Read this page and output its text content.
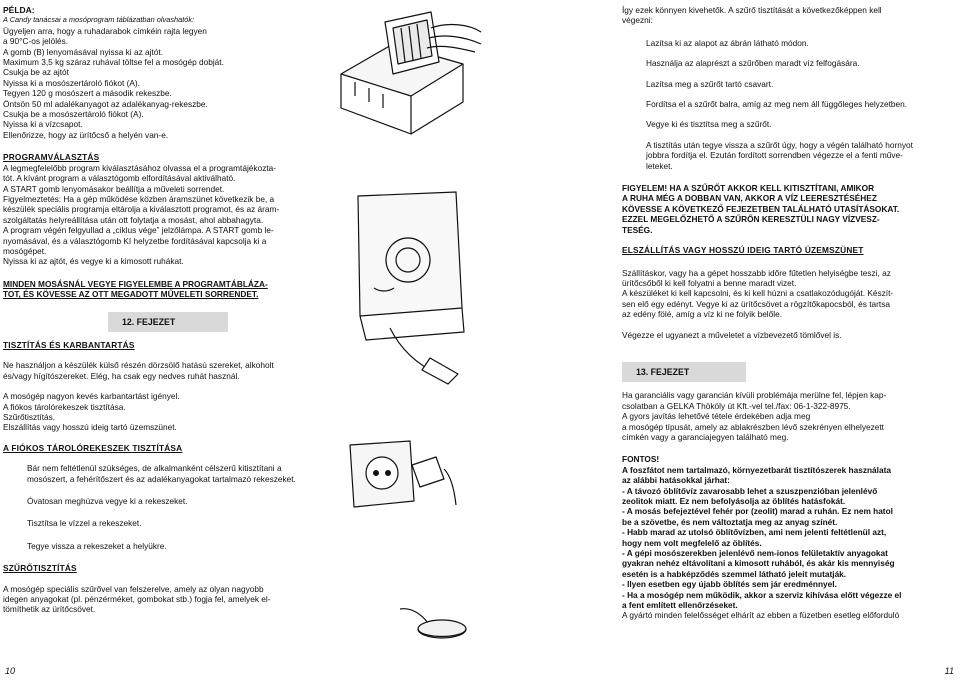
PÉLDA:
A Candy tanácsai a mosóprogram táblázatban olvashatók:
Ügyeljen arra, hogy a ruhadarabok címkéin rajta legyen
a 90°C-os jelölés.
A gomb (B) lenyomásával nyissa ki az ajtót.
Maximum 3,5 kg száraz ruhával töltse fel a mosógép dobját.
Csukja be az ajtót
Nyissa ki a mosószertároló fiókot (A).
Tegyen 120 g mosószert a második rekeszbe.
Öntsön 50 ml adalékanyagot az adalékanyag-rekeszbe.
Csukja be a mosószertároló fiókot (A).
Nyissa ki a vízcsapot.
Ellenőrizze, hogy az ürítőcső a helyén van-e.
PROGRAMVÁLASZTÁS
A legmegfelelőbb program kiválasztásához olvassa el a programtájékozta-
tót. A kívánt program a választógomb elfordításával aktiválható.
A START gomb lenyomásakor beállítja a műveleti sorrendet.
Figyelmeztetés: Ha a gép működése közben áramszünet következik be, a
készülék speciális programja eltárolja a kiválasztott programot, és az áram-
szolgáltatás helyreállítása után ott folytatja a mosást, ahol abbahagyta.
A program végén felgyullad a „ciklus vége” jelzőlámpa. A START gomb le-
nyomásával, és a választógomb KI helyzetbe fordításával kapcsolja ki a
mosógépet.
Nyissa ki az ajtót, és vegye ki a kimosott ruhákat.
MINDEN MOSÁSNÁL VEGYE FIGYELEMBE A PROGRAMTÁBLÁZA-
TOT, ÉS KÖVESSE AZ OTT MEGADOTT MŰVELETI SORRENDET.
12. FEJEZET
TISZTÍTÁS ÉS KARBANTARTÁS
Ne használjon a készülék külső részén dörzsölő hatású szereket, alkoholt
és/vagy hígítószereket. Elég, ha csak egy nedves ruhát használ.
A mosógép nagyon kevés karbantartást igényel.
A fiókos tárolórekeszek tisztítása.
Szűrőtisztítás.
Elszállítás vagy hosszú ideig tartó üzemszünet.
A FIÓKOS TÁROLÓREKESZEK TISZTÍTÁSA
Bár nem feltétlenül szükséges, de alkalmanként célszerű kitisztítani a
mosószert, a fehérítőszert és az adalékanyagokat tartalmazó rekeszeket.
Óvatosan meghúzva vegye ki a rekeszeket.
Tisztítsa le vízzel a rekeszeket.
Tegye vissza a rekeszeket a helyükre.
SZŰRŐTISZTÍTÁS
A mosógép speciális szűrővel van felszerelve, amely az olyan nagyobb
idegen anyagokat (pl. pénzérméket, gombokat stb.) fogja fel, amelyek el-
tömíthetik az ürítőcsövet.
10
Így ezek könnyen kivehetők. A szűrő tisztítását a következőképpen kell
végezni:
Lazítsa ki az alapot az ábrán látható módon.
Használja az alaprészt a szűrőben maradt víz felfogására.
Lazítsa meg a szűrőt tartó csavart.
Fordítsa el a szűrőt balra, amíg az meg nem áll függőleges helyzetben.
Vegye ki és tisztítsa meg a szűrőt.
A tisztítás után tegye vissza a szűrőt úgy, hogy a végén található hornyot
jobbra fordítja el. Ezután fordított sorrendben végezze el a fenti műve-
leteket.
FIGYELEM! HA A SZŰRŐT AKKOR KELL KITISZTÍTANI, AMIKOR
A RUHA MÉG A DOBBAN VAN, AKKOR A VÍZ LEERESZTÉSÉHEZ
KÖVESSE A KÖVETKEZŐ FEJEZETBEN TALÁLHATÓ UTASÍTÁSOKAT.
EZZEL MEGELŐZHETŐ A SZŰRŐN KERESZTÜLI NAGY VÍZVESZ-
TESÉG.
ELSZÁLLÍTÁS VAGY HOSSZÚ IDEIG TARTÓ ÜZEMSZÜNET
Szállításkor, vagy ha a gépet hosszabb időre fűtetlen helyiségbe teszi, az
ürítőcsőből ki kell folyatni a benne maradt vizet.
A készüléket ki kell kapcsolni, és ki kell húzni a csatlakozódugóját. Készít-
sen elő egy edényt. Vegye ki az ürítőcsövet a rögzítőkapocsból, és tartsa
az edény fölé, amíg a víz ki ne folyik belőle.
Végezze el ugyanezt a műveletet a vízbevezető tömlővel is.
13. FEJEZET
Ha garanciális vagy garancián kívüli problémája merülne fel, lépjen kap-
csolatban a GELKA Thököly út Kft.-vel tel./fax: 06-1-322-8975.
A gyors javítás lehetővé tétele érdekében adja meg
a mosógép típusát, amely az ablakrészben lévő szekrényen elhelyezett
címkén vagy a garanciajegyen található meg.
FONTOS!
A foszfátot nem tartalmazó, környezetbarát tisztítószerek használata
az alábbi hatásokkal járhat:
- A távozó öblítővíz zavarosabb lehet a szuszpenzióban jelenlévő
zeolitok miatt. Ez nem befolyásolja az öblítés hatásfokát.
- A mosás befejeztével fehér por (zeolit) marad a ruhán. Ez nem hatol
be a szövetbe, és nem változtatja meg az anyag színét.
- Habb marad az utolsó öblítővízben, ami nem jelenti feltétlenül azt,
hogy nem volt megfelelő az öblítés.
- A gépi mosószerekben jelenlévő nem-ionos felületaktív anyagokat
gyakran nehéz eltávolítani a kimosott ruhából, és akár kis mennyiség
esetén is a habképződés szemmel látható jeleit mutatják.
- Ilyen esetben egy újabb öblítés sem jár eredménnyel.
- Ha a mosógép nem működik, akkor a szerviz kihívása előtt végezze el
a fent említett ellenőrzéseket.
A gyártó minden felelősséget elhárít az ebben a füzetben esetleg előforduló
11
